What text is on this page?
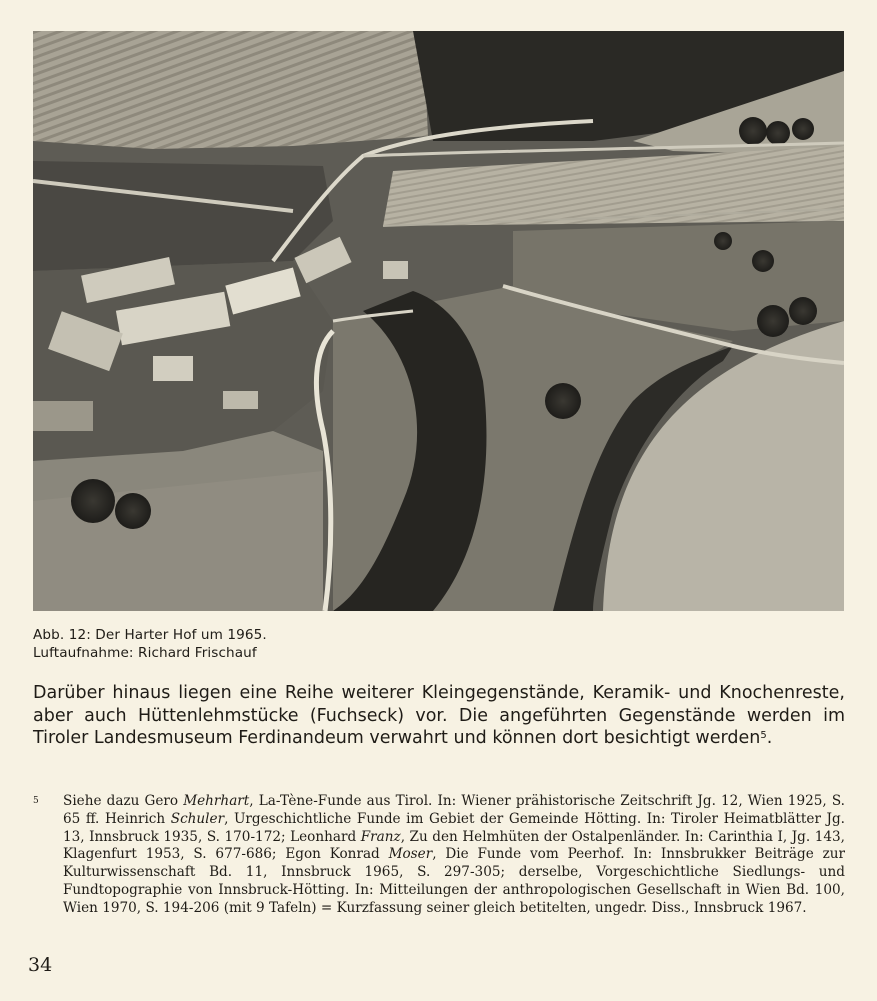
Abb. 12: Der Harter Hof um 1965.
Luftaufnahme: Richard Frischauf
Darüber hinaus liegen eine Reihe weiterer Kleingegenstände, Keramik- und Knochenreste, aber auch Hüttenlehmstücke (Fuchseck) vor. Die angeführten Gegenstände werden im Tiroler Landesmuseum Ferdinandeum verwahrt und können dort besichtigt werden$^5$.
5 Siehe dazu Gero Mehrhart, La-Tène-Funde aus Tirol. In: Wiener prähistorische Zeitschrift Jg. 12, Wien 1925, S. 65 ff. Heinrich Schuler, Urgeschichtliche Funde im Gebiet der Gemeinde Hötting. In: Tiroler Heimatblätter Jg. 13, Innsbruck 1935, S. 170-172; Leonhard Franz, Zu den Helmhüten der Ostalpenländer. In: Carinthia I, Jg. 143, Klagenfurt 1953, S. 677-686; Egon Konrad Moser, Die Funde vom Peerhof. In: Innsbrukker Beiträge zur Kulturwissenschaft Bd. 11, Innsbruck 1965, S. 297-305; derselbe, Vorgeschichtliche Siedlungs- und Fundtopographie von Innsbruck-Hötting. In: Mitteilungen der anthropologischen Gesellschaft in Wien Bd. 100, Wien 1970, S. 194-206 (mit 9 Tafeln) = Kurzfassung seiner gleich betitelten, ungedr. Diss., Innsbruck 1967.
34
